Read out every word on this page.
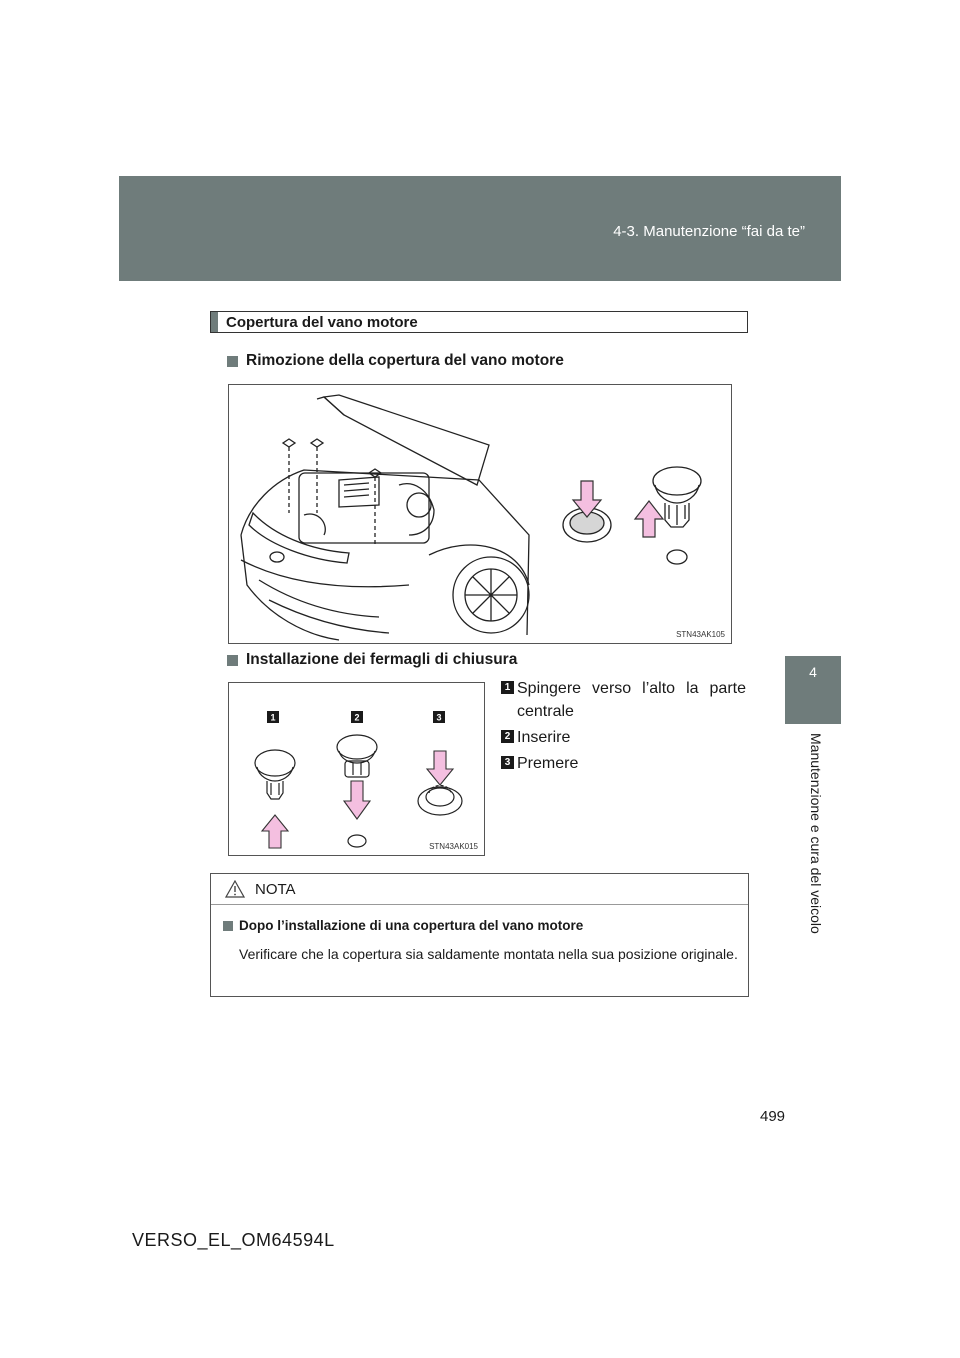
4-3. Manutenzione “fai da te”
4
Manutenzione e cura del veicolo
Copertura del vano motore
Rimozione della copertura del vano motore
STN43AK105
Installazione dei fermagli di chiusura
1	2	3
STN43AK015
1 Spingere verso l’alto la parte centrale
2 Inserire
3 Premere
NOTA
Dopo l’installazione di una copertura del vano motore
Verificare che la copertura sia saldamente montata nella sua posizione originale.
499
VERSO_EL_OM64594L
